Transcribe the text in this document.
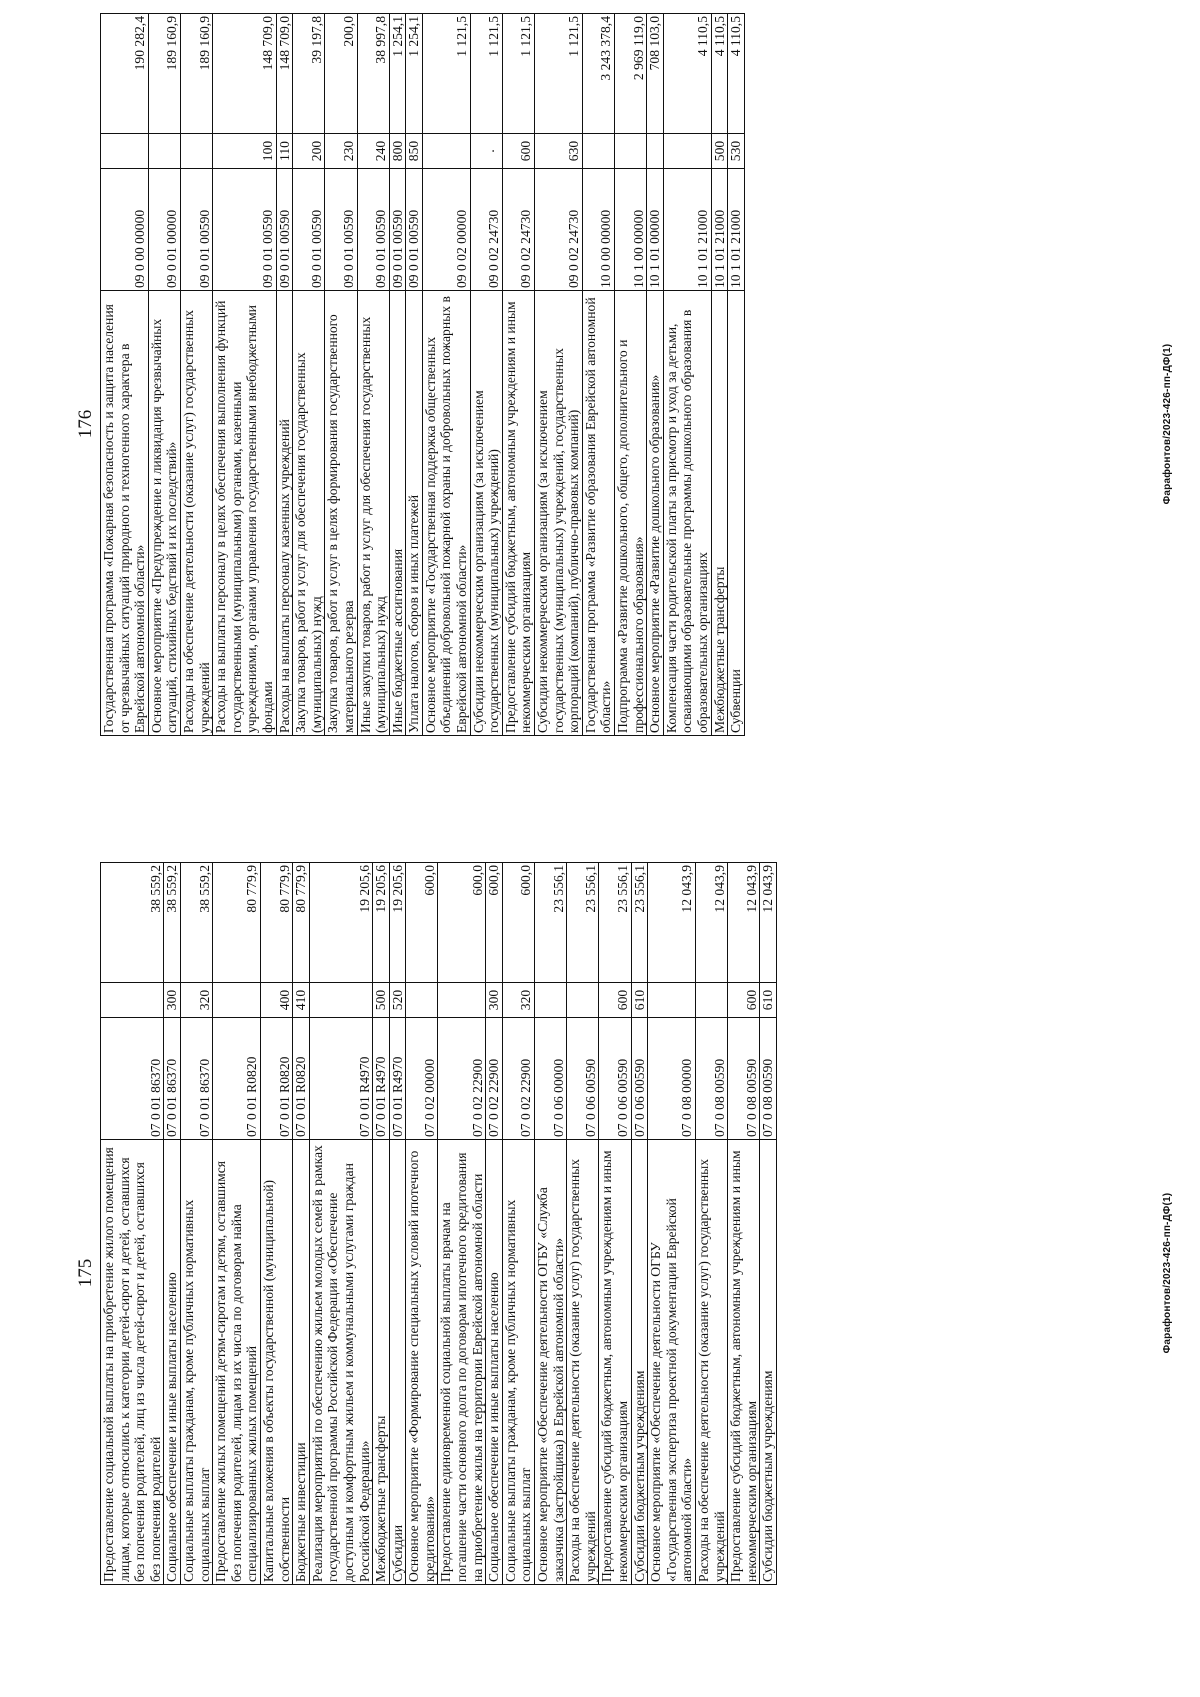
176 Государственная программа «Пожарная безопасность и защита населения от чрезвычайных ситуаций природного и техногенного характера в Еврейской автономной области»	09 0 00 00000		190 282,4
Основное мероприятие «Предупреждение и ликвидация чрезвычайных ситуаций, стихийных бедствий и их последствий»	09 0 01 00000		189 160,9
Расходы на обеспечение деятельности (оказание услуг) государственных учреждений	09 0 01 00590		189 160,9
Расходы на выплаты персоналу в целях обеспечения выполнения функций государственными (муниципальными) органами, казенными учреждениями, органами управления государственными внебюджетными фондами	09 0 01 00590	100	148 709,0
Расходы на выплаты персоналу казенных учреждений	09 0 01 00590	110	148 709,0
Закупка товаров, работ и услуг для обеспечения государственных (муниципальных) нужд	09 0 01 00590	200	39 197,8
Закупка товаров, работ и услуг в целях формирования государственного материального резерва	09 0 01 00590	230	200,0
Иные закупки товаров, работ и услуг для обеспечения государственных (муниципальных) нужд	09 0 01 00590	240	38 997,8
Иные бюджетные ассигнования	09 0 01 00590	800	1 254,1
Уплата налогов, сборов и иных платежей	09 0 01 00590	850	1 254,1
Основное мероприятие «Государственная поддержка общественных объединений добровольной пожарной охраны и добровольных пожарных в Еврейской автономной области»	09 0 02 00000		1 121,5
Субсидии некоммерческим организациям (за исключением государственных (муниципальных) учреждений)	09 0 02 24730	·	1 121,5
Предоставление субсидий бюджетным, автономным учреждениям и иным некоммерческим организациям	09 0 02 24730	600	1 121,5
Субсидии некоммерческим организациям (за исключением государственных (муниципальных) учреждений, государственных корпораций (компаний), публично-правовых компаний)	09 0 02 24730	630	1 121,5
Государственная программа «Развитие образования Еврейской автономной области»	10 0 00 00000		3 243 378,4
Подпрограмма «Развитие дошкольного, общего, дополнительного и профессионального образования»	10 1 00 00000		2 969 119,0
Основное мероприятие «Развитие дошкольного образования»	10 1 01 00000		708 103,0
Компенсация части родительской платы за присмотр и уход за детьми, осваивающими образовательные программы дошкольного образования в образовательных организациях	10 1 01 21000		4 110,5
Межбюджетные трансферты	10 1 01 21000	500	4 110,5
Субвенции	10 1 01 21000	530	4 110,5
Фарафонтов/2023-426-пп-ДФ(1)
175 Предоставление социальной выплаты на приобретение жилого помещения лицам, которые относились к категории детей-сирот и детей, оставшихся без попечения родителей, лиц из числа детей-сирот и детей, оставшихся без попечения родителей	07 0 01 86370		38 559,2
Социальное обеспечение и иные выплаты населению	07 0 01 86370	300	38 559,2
Социальные выплаты гражданам, кроме публичных нормативных социальных выплат	07 0 01 86370	320	38 559,2
Предоставление жилых помещений детям-сиротам и детям, оставшимся без попечения родителей, лицам из их числа по договорам найма специализированных жилых помещений	07 0 01 R0820		80 779,9
Капитальные вложения в объекты государственной (муниципальной) собственности	07 0 01 R0820	400	80 779,9
Бюджетные инвестиции	07 0 01 R0820	410	80 779,9
Реализация мероприятий по обеспечению жильем молодых семей в рамках государственной программы Российской Федерации «Обеспечение доступным и комфортным жильем и коммунальными услугами граждан Российской Федерации»	07 0 01 R4970		19 205,6
Межбюджетные трансферты	07 0 01 R4970	500	19 205,6
Субсидии	07 0 01 R4970	520	19 205,6
Основное мероприятие «Формирование специальных условий ипотечного кредитования»	07 0 02 00000		600,0
Предоставление единовременной социальной выплаты врачам на погашение части основного долга по договорам ипотечного кредитования на приобретение жилья на территории Еврейской автономной области	07 0 02 22900		600,0
Социальное обеспечение и иные выплаты населению	07 0 02 22900	300	600,0
Социальные выплаты гражданам, кроме публичных нормативных социальных выплат	07 0 02 22900	320	600,0
Основное мероприятие «Обеспечение деятельности ОГБУ «Служба заказчика (застройщика) в Еврейской автономной области»	07 0 06 00000		23 556,1
Расходы на обеспечение деятельности (оказание услуг) государственных учреждений	07 0 06 00590		23 556,1
Предоставление субсидий бюджетным, автономным учреждениям и иным некоммерческим организациям	07 0 06 00590	600	23 556,1
Субсидии бюджетным учреждениям	07 0 06 00590	610	23 556,1
Основное мероприятие «Обеспечение деятельности ОГБУ «Государственная экспертиза проектной документации Еврейской автономной области»	07 0 08 00000		12 043,9
Расходы на обеспечение деятельности (оказание услуг) государственных учреждений	07 0 08 00590		12 043,9
Предоставление субсидий бюджетным, автономным учреждениям и иным некоммерческим организациям	07 0 08 00590	600	12 043,9
Субсидии бюджетным учреждениям	07 0 08 00590	610	12 043,9
Фарафонтов/2023-426-пп-ДФ(1)
